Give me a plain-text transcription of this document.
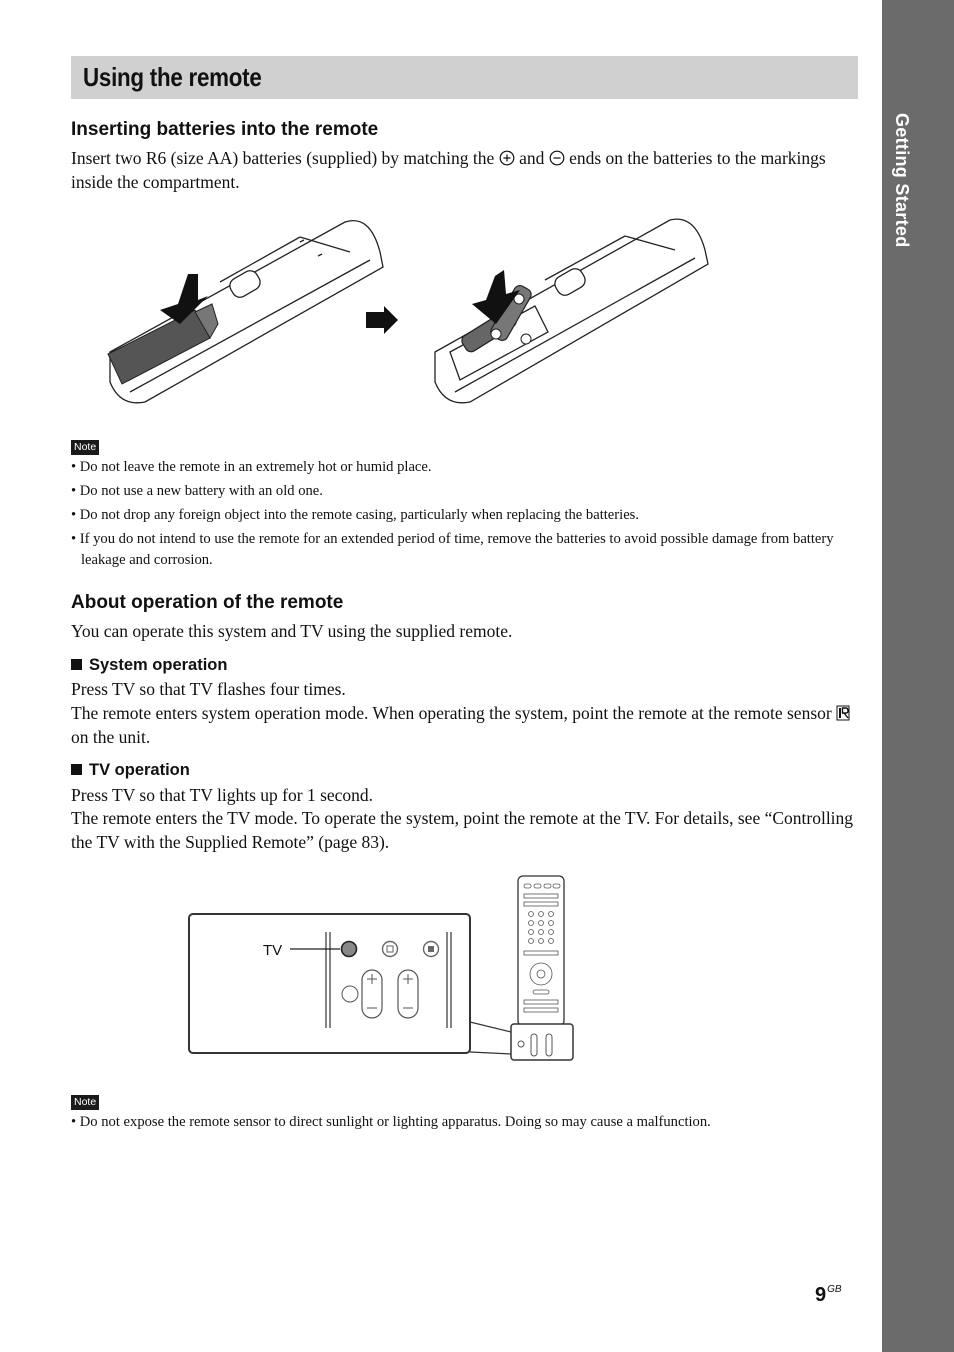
Getting Started
Using the remote
Inserting batteries into the remote
Insert two R6 (size AA) batteries (supplied) by matching the and ends on the batteries to the markings inside the compartment.
Note
• Do not leave the remote in an extremely hot or humid place.
• Do not use a new battery with an old one.
• Do not drop any foreign object into the remote casing, particularly when replacing the batteries.
• If you do not intend to use the remote for an extended period of time, remove the batteries to avoid possible damage from battery leakage and corrosion.
About operation of the remote
You can operate this system and TV using the supplied remote.
System operation
Press TV so that TV flashes four times.
The remote enters system operation mode. When operating the system, point the remote at the remote sensor  on the unit.
TV operation
Press TV so that TV lights up for 1 second.
The remote enters the TV mode. To operate the system, point the remote at the TV. For details, see “Controlling the TV with the Supplied Remote” (page 83).
TV
Note
• Do not expose the remote sensor to direct sunlight or lighting apparatus. Doing so may cause a malfunction.
$9^{GB}$
